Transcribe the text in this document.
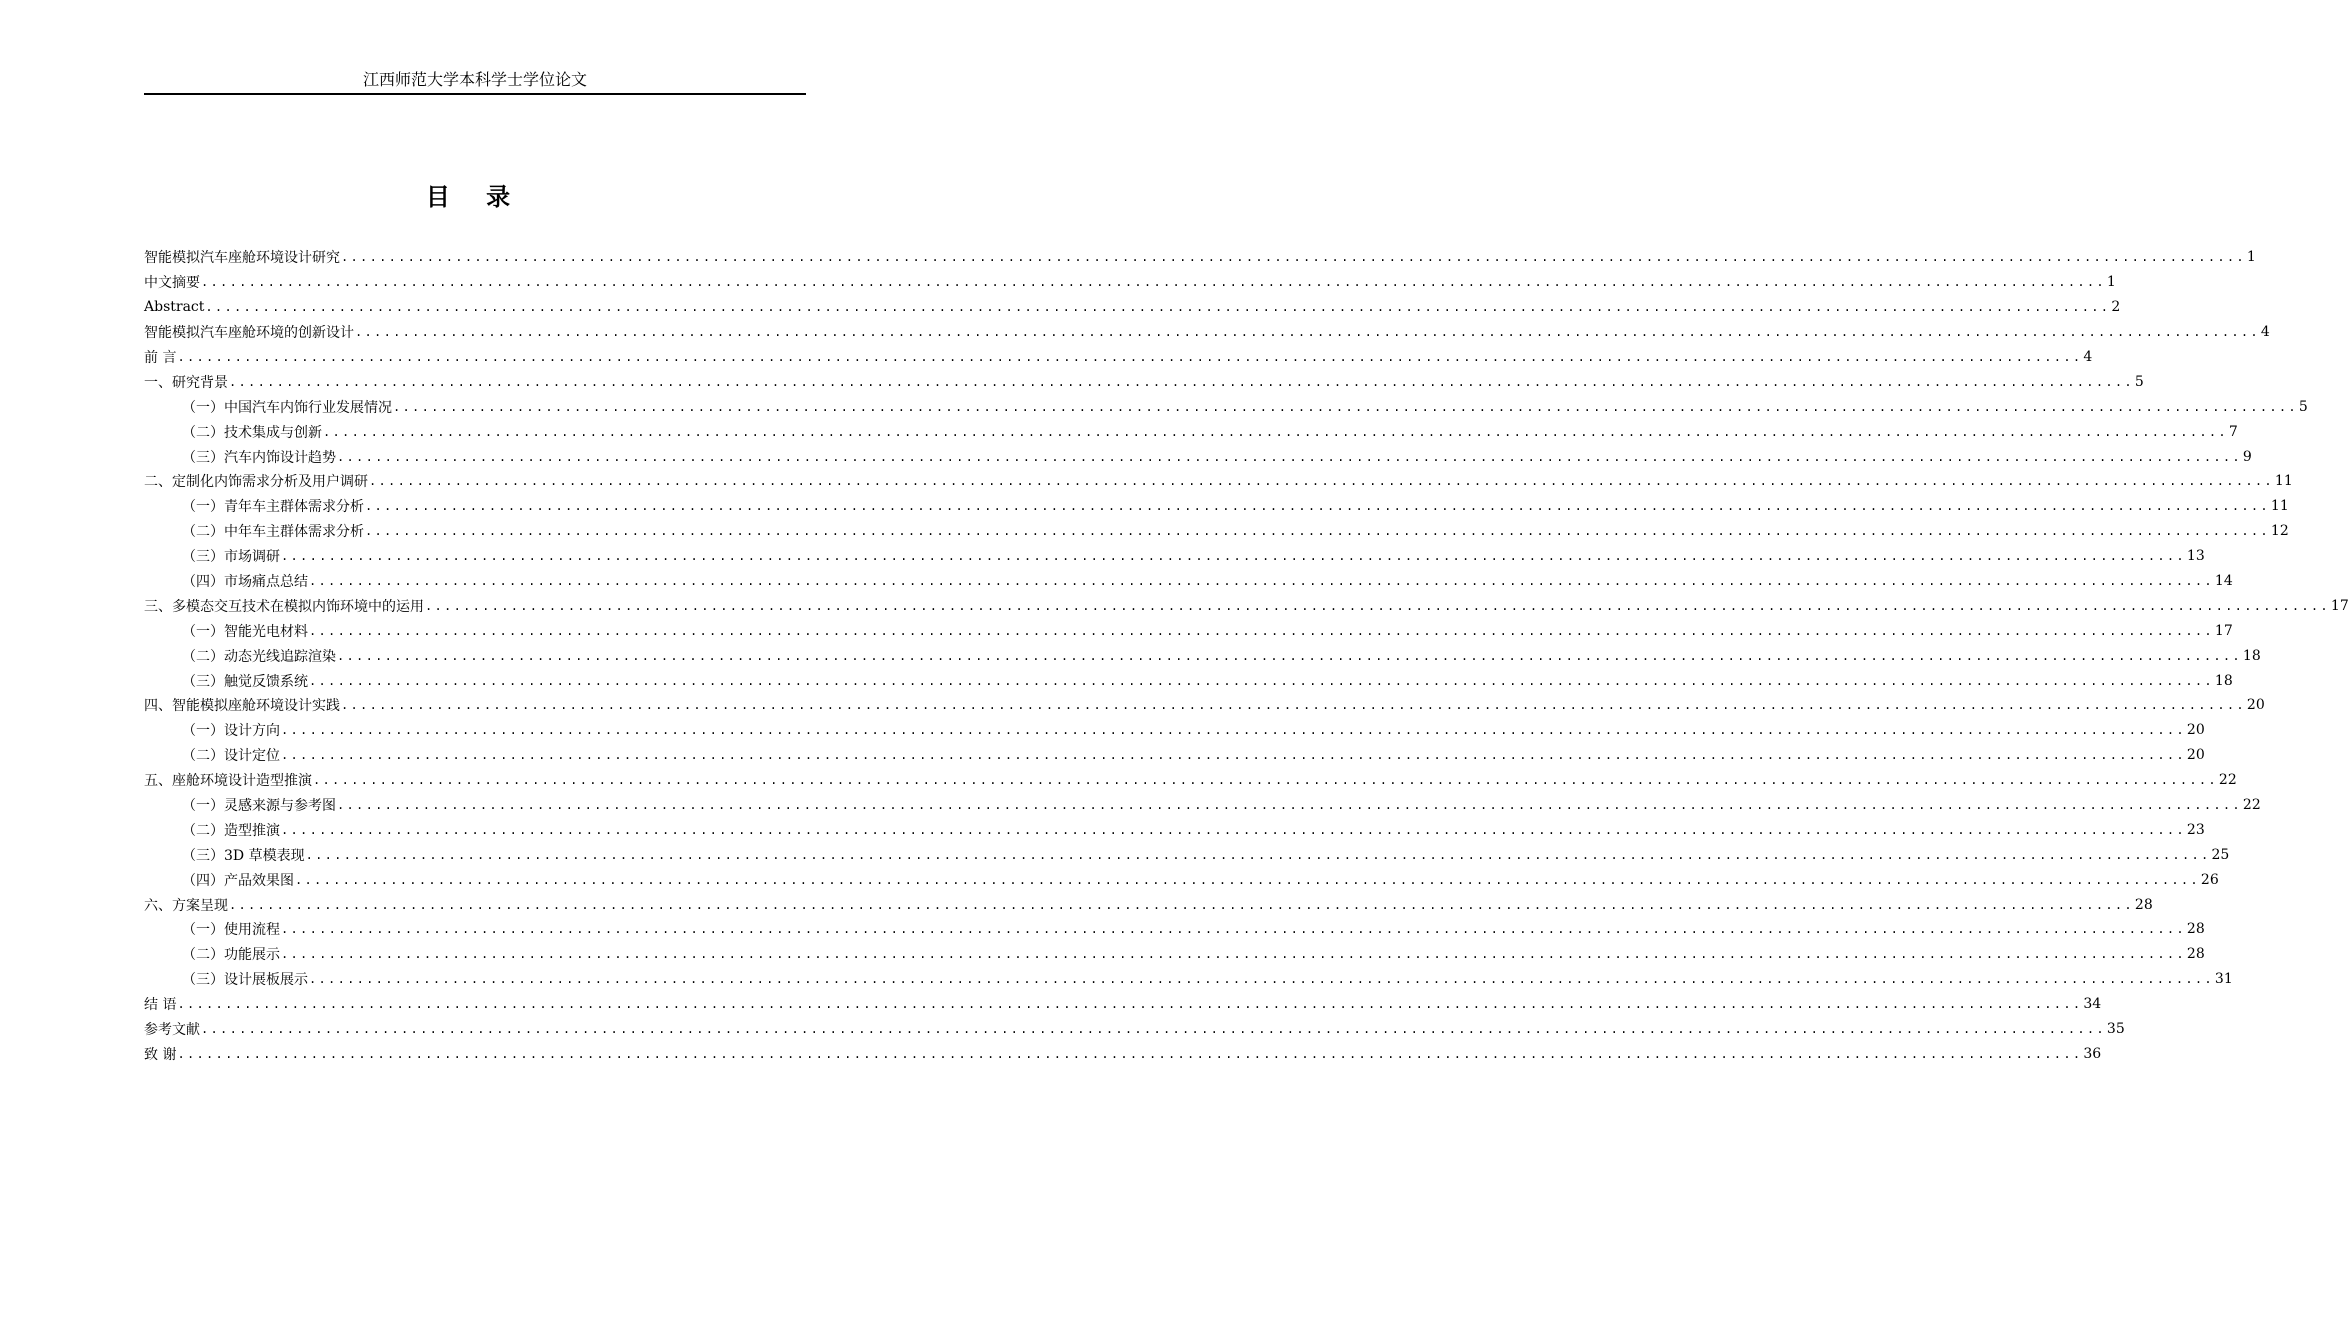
江西师范大学本科学士学位论文
目 录
智能模拟汽车座舱环境设计研究 ........................................................................................................................................................................................................ 1
中文摘要 ........................................................................................................................................................................................................ 1
Abstract ........................................................................................................................................................................................................ 2
智能模拟汽车座舱环境的创新设计 ........................................................................................................................................................................................................ 4
前 言 ........................................................................................................................................................................................................ 4
一、研究背景 ........................................................................................................................................................................................................ 5
（一）中国汽车内饰行业发展情况 ........................................................................................................................................................................................................ 5
（二）技术集成与创新 ........................................................................................................................................................................................................ 7
（三）汽车内饰设计趋势 ........................................................................................................................................................................................................ 9
二、定制化内饰需求分析及用户调研 ........................................................................................................................................................................................................ 11
（一）青年车主群体需求分析 ........................................................................................................................................................................................................ 11
（二）中年车主群体需求分析 ........................................................................................................................................................................................................ 12
（三）市场调研 ........................................................................................................................................................................................................ 13
（四）市场痛点总结 ........................................................................................................................................................................................................ 14
三、多模态交互技术在模拟内饰环境中的运用 ........................................................................................................................................................................................................ 17
（一）智能光电材料 ........................................................................................................................................................................................................ 17
（二）动态光线追踪渲染 ........................................................................................................................................................................................................ 18
（三）触觉反馈系统 ........................................................................................................................................................................................................ 18
四、智能模拟座舱环境设计实践 ........................................................................................................................................................................................................ 20
（一）设计方向 ........................................................................................................................................................................................................ 20
（二）设计定位 ........................................................................................................................................................................................................ 20
五、座舱环境设计造型推演 ........................................................................................................................................................................................................ 22
（一）灵感来源与参考图 ........................................................................................................................................................................................................ 22
（二）造型推演 ........................................................................................................................................................................................................ 23
（三）3D 草模表现 ........................................................................................................................................................................................................ 25
（四）产品效果图 ........................................................................................................................................................................................................ 26
六、方案呈现 ........................................................................................................................................................................................................ 28
（一）使用流程 ........................................................................................................................................................................................................ 28
（二）功能展示 ........................................................................................................................................................................................................ 28
（三）设计展板展示 ........................................................................................................................................................................................................ 31
结 语 ........................................................................................................................................................................................................ 34
参考文献 ........................................................................................................................................................................................................ 35
致 谢 ........................................................................................................................................................................................................ 36
